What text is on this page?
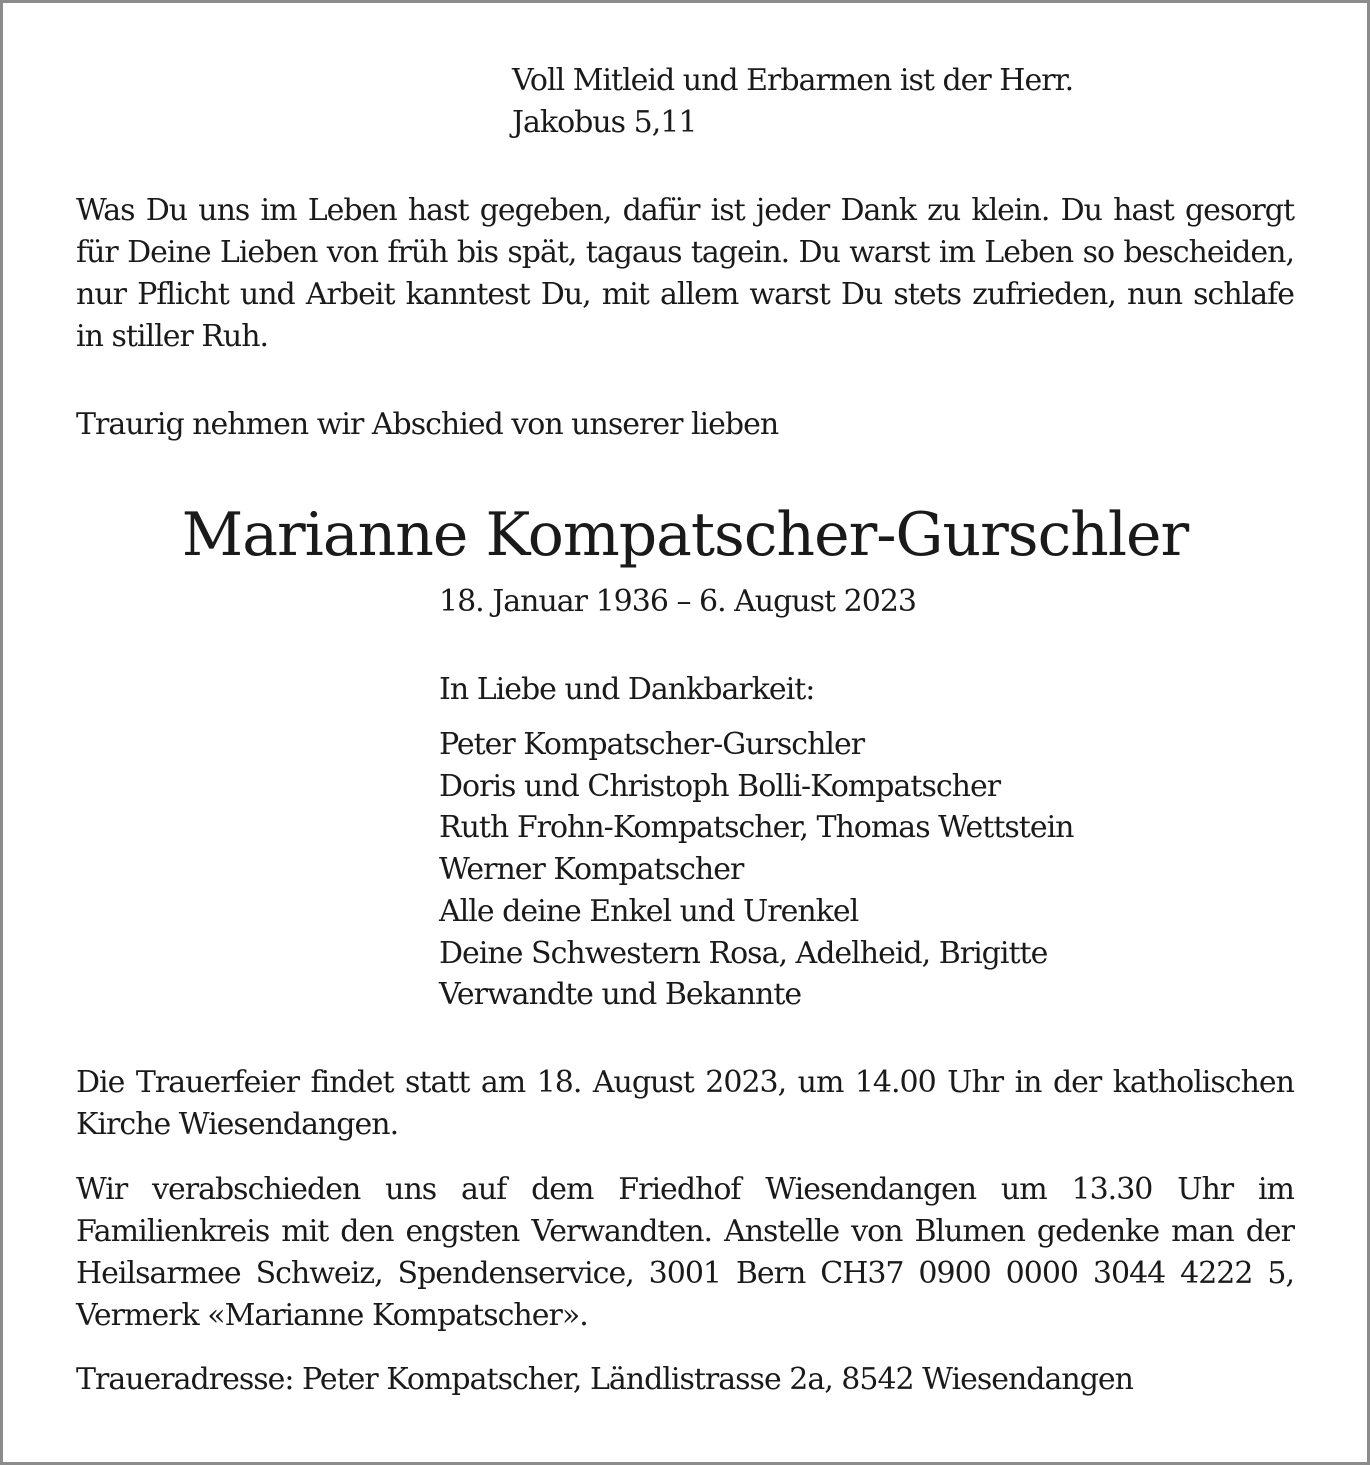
Voll Mitleid und Erbarmen ist der Herr.

Jakobus 5,11

Was Du uns im Leben hast gegeben, dafür ist jeder Dank zu klein. Du hast gesorgt für Deine Lieben von früh bis spät, tagaus tagein. Du warst im Leben so bescheiden, nur Pflicht und Arbeit kanntest Du, mit allem warst Du stets zufrieden, nun schlafe in stiller Ruh.

Traurig nehmen wir Abschied von unserer lieben

Marianne Kompatscher-Gurschler

18. Januar 1936 – 6. August 2023

In Liebe und Dankbarkeit:

Peter Kompatscher-Gurschler
Doris und Christoph Bolli-Kompatscher
Ruth Frohn-Kompatscher, Thomas Wettstein
Werner Kompatscher
Alle deine Enkel und Urenkel
Deine Schwestern Rosa, Adelheid, Brigitte
Verwandte und Bekannte

Die Trauerfeier findet statt am 18. August 2023, um 14.00 Uhr in der katholischen Kirche Wiesendangen.

Wir verabschieden uns auf dem Friedhof Wiesendangen um 13.30 Uhr im Familienkreis mit den engsten Verwandten. Anstelle von Blumen gedenke man der Heilsarmee Schweiz, Spendenservice, 3001 Bern CH37 0900 0000 3044 4222 5, Vermerk «Marianne Kompatscher».

Traueradresse: Peter Kompatscher, Ländlistrasse 2a, 8542 Wiesendangen
